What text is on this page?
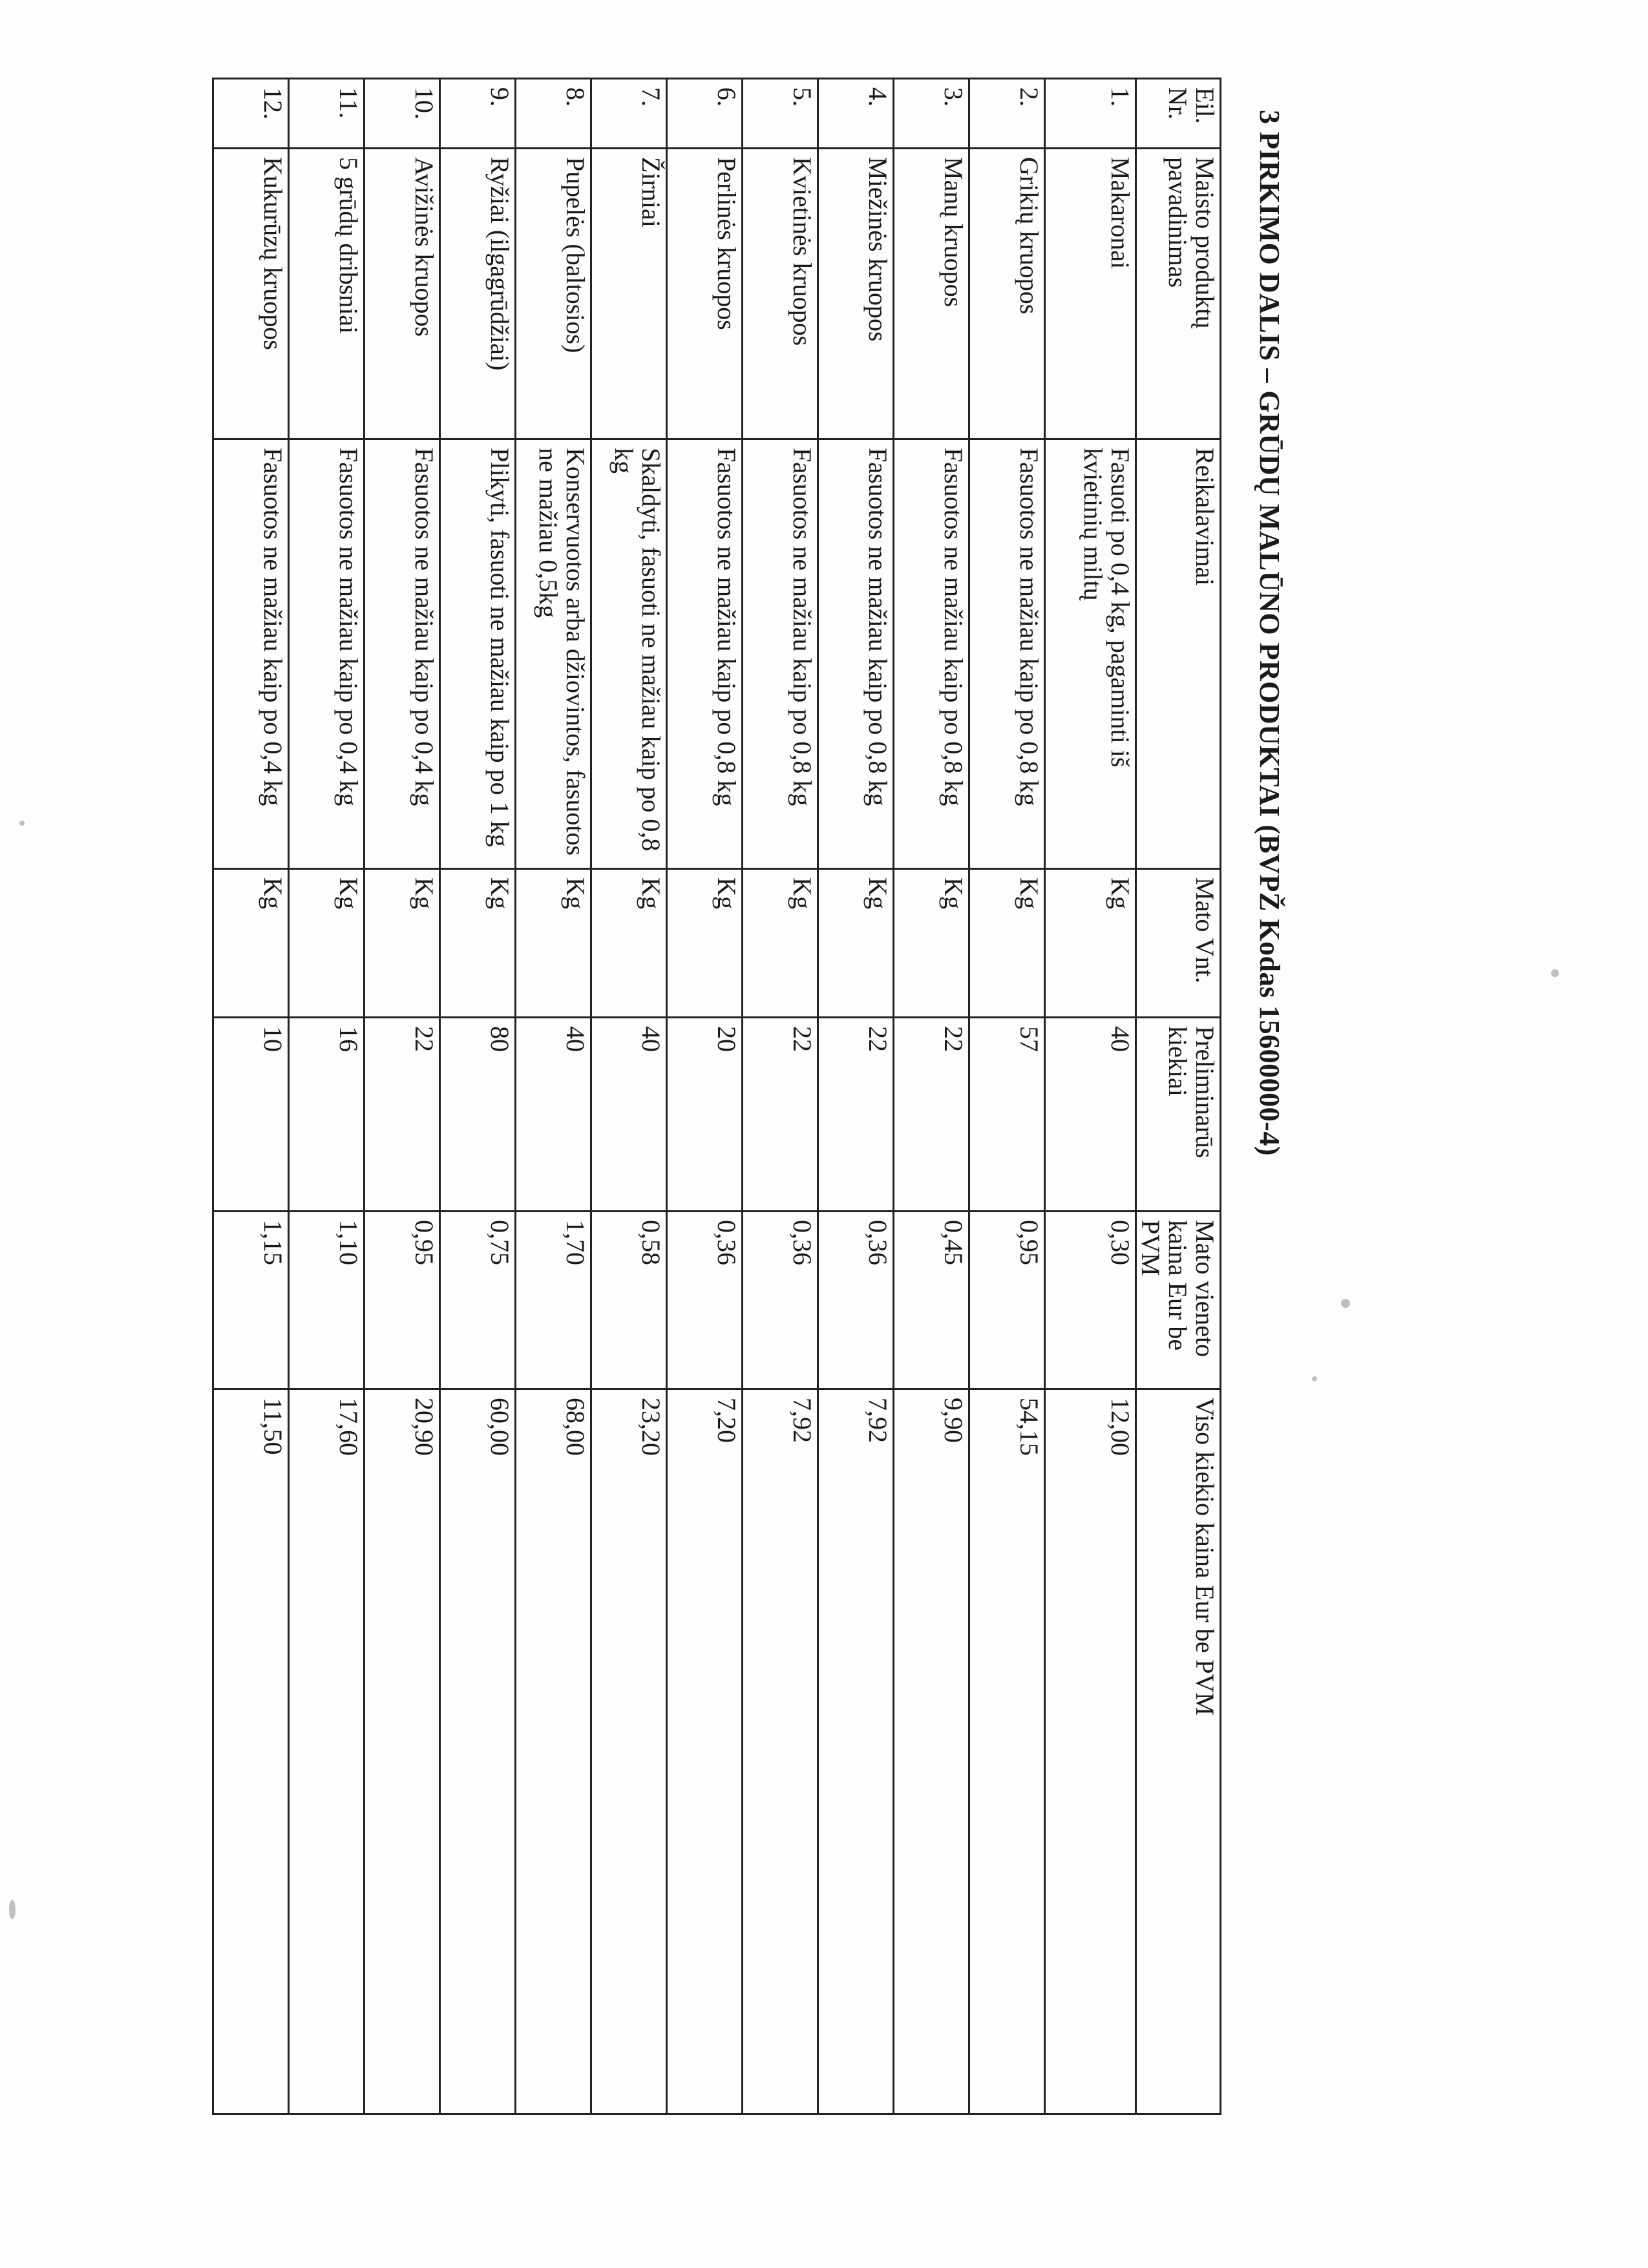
3 PIRKIMO DALIS – GRŪDŲ MALŪNO PRODUKTAI (BVPŽ Kodas 15600000-4)
Eil. Nr.	Maisto produktų pavadinimas	Reikalavimai	Mato Vnt.	Preliminarūs kiekiai	Mato vieneto kaina Eur be PVM	Viso kiekio kaina Eur be PVM
1.	Makaronai	Fasuoti po 0,4 kg, pagaminti iš kvietinių miltų	Kg	40	0,30	12,00
2.	Grikių kruopos	Fasuotos ne mažiau kaip po 0,8 kg	Kg	57	0,95	54,15
3.	Manų kruopos	Fasuotos ne mažiau kaip po 0,8 kg	Kg	22	0,45	9,90
4.	Miežinės kruopos	Fasuotos ne mažiau kaip po 0,8 kg	Kg	22	0,36	7,92
5.	Kvietinės kruopos	Fasuotos ne mažiau kaip po 0,8 kg	Kg	22	0,36	7,92
6.	Perlinės kruopos	Fasuotos ne mažiau kaip po 0,8 kg	Kg	20	0,36	7,20
7.	Žirniai	Skaldyti, fasuoti ne mažiau kaip po 0,8 kg	Kg	40	0,58	23,20
8.	Pupelės (baltosios)	Konservuotos arba džiovintos, fasuotos ne mažiau 0,5kg	Kg	40	1,70	68,00
9.	Ryžiai (ilgagrūdžiai)	Plikyti, fasuoti ne mažiau kaip po 1 kg	Kg	80	0,75	60,00
10.	Avižinės kruopos	Fasuotos ne mažiau kaip po 0,4 kg	Kg	22	0,95	20,90
11.	5 grūdų dribsniai	Fasuotos ne mažiau kaip po 0,4 kg	Kg	16	1,10	17,60
12.	Kukurūzų kruopos	Fasuotos ne mažiau kaip po 0,4 kg	Kg	10	1,15	11,50
